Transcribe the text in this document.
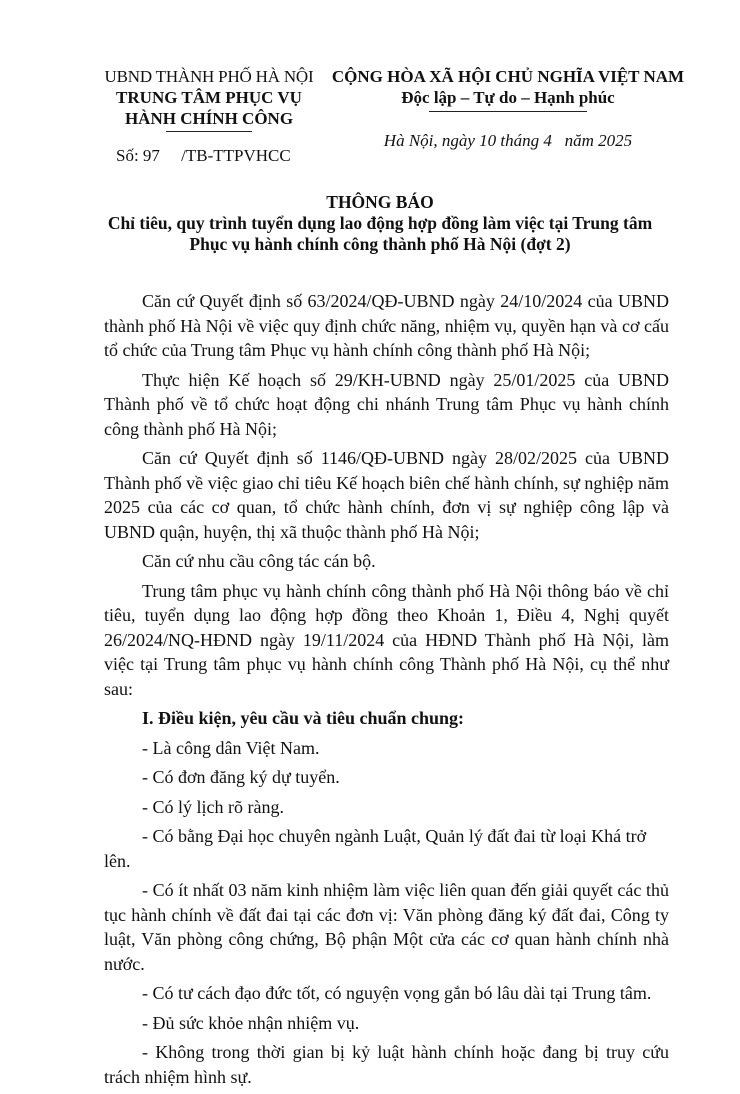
UBND THÀNH PHỐ HÀ NỘI
TRUNG TÂM PHỤC VỤ
HÀNH CHÍNH CÔNG
Số: 97     /TB-TTPVHCC
CỘNG HÒA XÃ HỘI CHỦ NGHĨA VIỆT NAM
Độc lập – Tự do – Hạnh phúc
Hà Nội, ngày 10 tháng 4   năm 2025
THÔNG BÁO
Chỉ tiêu, quy trình tuyển dụng lao động hợp đồng làm việc tại Trung tâm
Phục vụ hành chính công thành phố Hà Nội (đợt 2)

Căn cứ Quyết định số 63/2024/QĐ-UBND ngày 24/10/2024 của UBND thành phố Hà Nội về việc quy định chức năng, nhiệm vụ, quyền hạn và cơ cấu tổ chức của Trung tâm Phục vụ hành chính công thành phố Hà Nội;

Thực hiện Kế hoạch số 29/KH-UBND ngày 25/01/2025 của UBND Thành phố về tổ chức hoạt động chi nhánh Trung tâm Phục vụ hành chính công thành phố Hà Nội;

Căn cứ Quyết định số 1146/QĐ-UBND ngày 28/02/2025 của UBND Thành phố về việc giao chỉ tiêu Kế hoạch biên chế hành chính, sự nghiệp năm 2025 của các cơ quan, tổ chức hành chính, đơn vị sự nghiệp công lập và UBND quận, huyện, thị xã thuộc thành phố Hà Nội;

Căn cứ nhu cầu công tác cán bộ.

Trung tâm phục vụ hành chính công thành phố Hà Nội thông báo về chỉ tiêu, tuyển dụng lao động hợp đồng theo Khoản 1, Điều 4, Nghị quyết 26/2024/NQ-HĐND ngày 19/11/2024 của HĐND Thành phố Hà Nội, làm việc tại Trung tâm phục vụ hành chính công Thành phố Hà Nội, cụ thể như sau:

I. Điều kiện, yêu cầu và tiêu chuẩn chung:

- Là công dân Việt Nam.

- Có đơn đăng ký dự tuyển.

- Có lý lịch rõ ràng.

- Có bằng Đại học chuyên ngành Luật, Quản lý đất đai từ loại Khá trở lên.

- Có ít nhất 03 năm kinh nhiệm làm việc liên quan đến giải quyết các thủ tục hành chính về đất đai tại các đơn vị: Văn phòng đăng ký đất đai, Công ty luật, Văn phòng công chứng, Bộ phận Một cửa các cơ quan hành chính nhà nước.

- Có tư cách đạo đức tốt, có nguyện vọng gắn bó lâu dài tại Trung tâm.

- Đủ sức khỏe nhận nhiệm vụ.

- Không trong thời gian bị kỷ luật hành chính hoặc đang bị truy cứu trách nhiệm hình sự.
